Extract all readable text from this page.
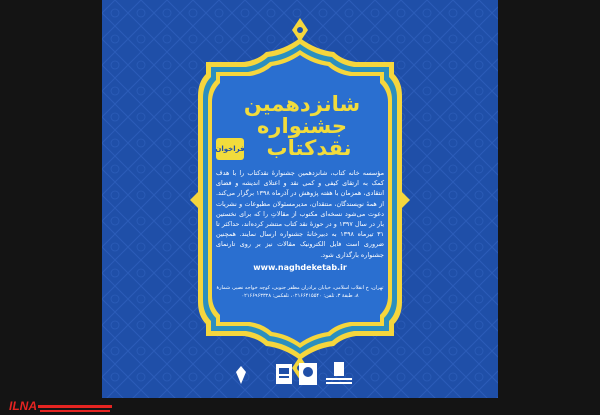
شانزدهمین
جشنواره
نقدکتاب
فراخوان
مؤسسه خانه کتاب، شانزدهمین جشنوارهٔ نقدکتاب را با هدف کمک به ارتقای کیفی و کمی نقد و اعتلای اندیشه و فضای انتقادی، همزمان با هفته پژوهش در آذرماه ۱۳۹۸ برگزار می‌کند. از همهٔ نویسندگان، منتقدان، مدیرمسئولان مطبوعات و نشریات دعوت می‌شود نسخه‌ای مکتوب از مقالاتِ را که برای نخستین بار در سال ۱۳۹۷ و در حوزهٔ نقد کتاب منتشر کرده‌اند، حداکثر تا ۳۱ تیرماه ۱۳۹۸ به دبیرخانهٔ جشنواره ارسال نمایند. همچنین ضروری است فایل الکترونیک مقالات نیز بر روی تارنمای جشنواره بارگذاری شود.
www.naghdeketab.ir
تهران، خ انقلاب اسلامی، خیابان برادران مظفر جنوبی، کوچه خواجه نصیر، شمارهٔ ۸، طبقهٔ ۳، تلفن: ۰۲۱۶۶۴۱۵۵۴۰، تلفکس: ۰۲۱۶۶۹۶۳۳۲۸
ILNA
